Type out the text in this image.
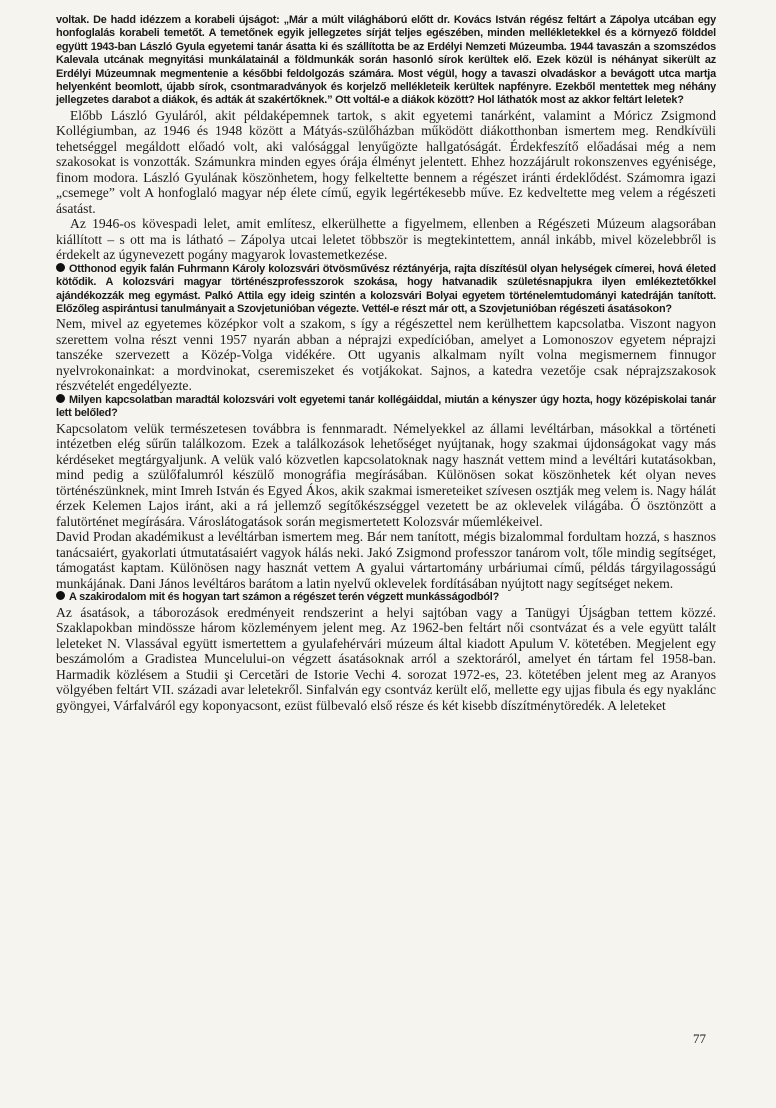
voltak. De hadd idézzem a korabeli újságot: „Már a múlt világháború előtt dr. Kovács István régész feltárt a Zápolya utcában egy honfoglalás korabeli temetőt. A temetőnek egyik jellegzetes sírját teljes egészében, minden mellékletekkel és a környező földdel együtt 1943-ban László Gyula egyetemi tanár ásatta ki és szállította be az Erdélyi Nemzeti Múzeumba. 1944 tavaszán a szomszédos Kalevala utcának megnyitási munkálatainál a földmunkák során hasonló sírok kerültek elő. Ezek közül is néhányat sikerült az Erdélyi Múzeumnak megmentenie a későbbi feldolgozás számára. Most végül, hogy a tavaszi olvadáskor a bevágott utca martja helyenként beomlott, újabb sírok, csontmaradványok és korjelző mellékleteik kerültek napfényre. Ezekből mentettek meg néhány jellegzetes darabot a diákok, és adták át szakértőknek.” Ott voltál-e a diákok között? Hol láthatók most az akkor feltárt leletek?

Előbb László Gyuláról, akit példaképemnek tartok, s akit egyetemi tanárként, valamint a Móricz Zsigmond Kollégiumban, az 1946 és 1948 között a Mátyás-szülőházban működött diákotthonban ismertem meg. Rendkívüli tehetséggel megáldott előadó volt, aki valósággal lenyűgözte hallgatóságát. Érdekfeszítő előadásai még a nem szakosokat is vonzották. Számunkra minden egyes órája élményt jelentett. Ehhez hozzájárult rokonszenves egyénisége, finom modora. László Gyulának köszönhetem, hogy felkeltette bennem a régészet iránti érdeklődést. Számomra igazi „csemege” volt A honfoglaló magyar nép élete című, egyik legértékesebb műve. Ez kedveltette meg velem a régészeti ásatást.

Az 1946-os kövespadi lelet, amit említesz, elkerülhette a figyelmem, ellenben a Régészeti Múzeum alagsorában kiállított – s ott ma is látható – Zápolya utcai leletet többször is megtekintettem, annál inkább, mivel közelebbről is érdekelt az úgynevezett pogány magyarok lovastemetkezése.

Otthonod egyik falán Fuhrmann Károly kolozsvári ötvösművész réztányérja, rajta díszítésül olyan helységek címerei, hová életed kötődik. A kolozsvári magyar történészprofesszorok szokása, hogy hatvanadik születésnapjukra ilyen emlékeztetőkkel ajándékozzák meg egymást. Palkó Attila egy ideig szintén a kolozsvári Bolyai egyetem történelemtudományi katedráján tanított. Előzőleg aspirántusi tanulmányait a Szovjetunióban végezte. Vettél-e részt már ott, a Szovjetunióban régészeti ásatásokon?

Nem, mivel az egyetemes középkor volt a szakom, s így a régészettel nem kerülhettem kapcsolatba. Viszont nagyon szerettem volna részt venni 1957 nyarán abban a néprajzi expedícióban, amelyet a Lomonoszov egyetem néprajzi tanszéke szervezett a Közép-Volga vidékére. Ott ugyanis alkalmam nyílt volna megismernem finnugor nyelvrokonainkat: a mordvinokat, cseremiszeket és votjákokat. Sajnos, a katedra vezetője csak néprajzszakosok részvételét engedélyezte.

Milyen kapcsolatban maradtál kolozsvári volt egyetemi tanár kollégáiddal, miután a kényszer úgy hozta, hogy középiskolai tanár lett belőled?

Kapcsolatom velük természetesen továbbra is fennmaradt. Némelyekkel az állami levéltárban, másokkal a történeti intézetben elég sűrűn találkozom. Ezek a találkozások lehetőséget nyújtanak, hogy szakmai újdonságokat vagy más kérdéseket megtárgyaljunk. A velük való közvetlen kapcsolatoknak nagy hasznát vettem mind a levéltári kutatásokban, mind pedig a szülőfalumról készülő monográfia megírásában. Különösen sokat köszönhetek két olyan neves történészünknek, mint Imreh István és Egyed Ákos, akik szakmai ismereteiket szívesen osztják meg velem is. Nagy hálát érzek Kelemen Lajos iránt, aki a rá jellemző segítőkészséggel vezetett be az oklevelek világába. Ő ösztönzött a falutörténet megírására. Városlátogatások során megismertetett Kolozsvár műemlékeivel.

David Prodan akadémikust a levéltárban ismertem meg. Bár nem tanított, mégis bizalommal fordultam hozzá, s hasznos tanácsaiért, gyakorlati útmutatásaiért vagyok hálás neki. Jakó Zsigmond professzor tanárom volt, tőle mindig segítséget, támogatást kaptam. Különösen nagy hasznát vettem A gyalui vártartomány urbáriumai című, példás tárgyilagosságú munkájának. Dani János levéltáros barátom a latin nyelvű oklevelek fordításában nyújtott nagy segítséget nekem.

A szakirodalom mit és hogyan tart számon a régészet terén végzett munkásságodból?

Az ásatások, a táborozások eredményeit rendszerint a helyi sajtóban vagy a Tanügyi Újságban tettem közzé. Szaklapokban mindössze három közleményem jelent meg. Az 1962-ben feltárt női csontvázat és a vele együtt talált leleteket N. Vlassával együtt ismertettem a gyulafehérvári múzeum által kiadott Apulum V. kötetében. Megjelent egy beszámolóm a Gradistea Muncelului-on végzett ásatásoknak arról a szektoráról, amelyet én tártam fel 1958-ban. Harmadik közlésem a Studii şi Cercetări de Istorie Vechi 4. sorozat 1972-es, 23. kötetében jelent meg az Aranyos völgyében feltárt VII. századi avar leletekről. Sinfalván egy csontváz került elő, mellette egy ujjas fibula és egy nyaklánc gyöngyei, Várfalváról egy koponyacsont, ezüst fülbevaló első része és két kisebb díszítménytöredék. A leleteket

77
